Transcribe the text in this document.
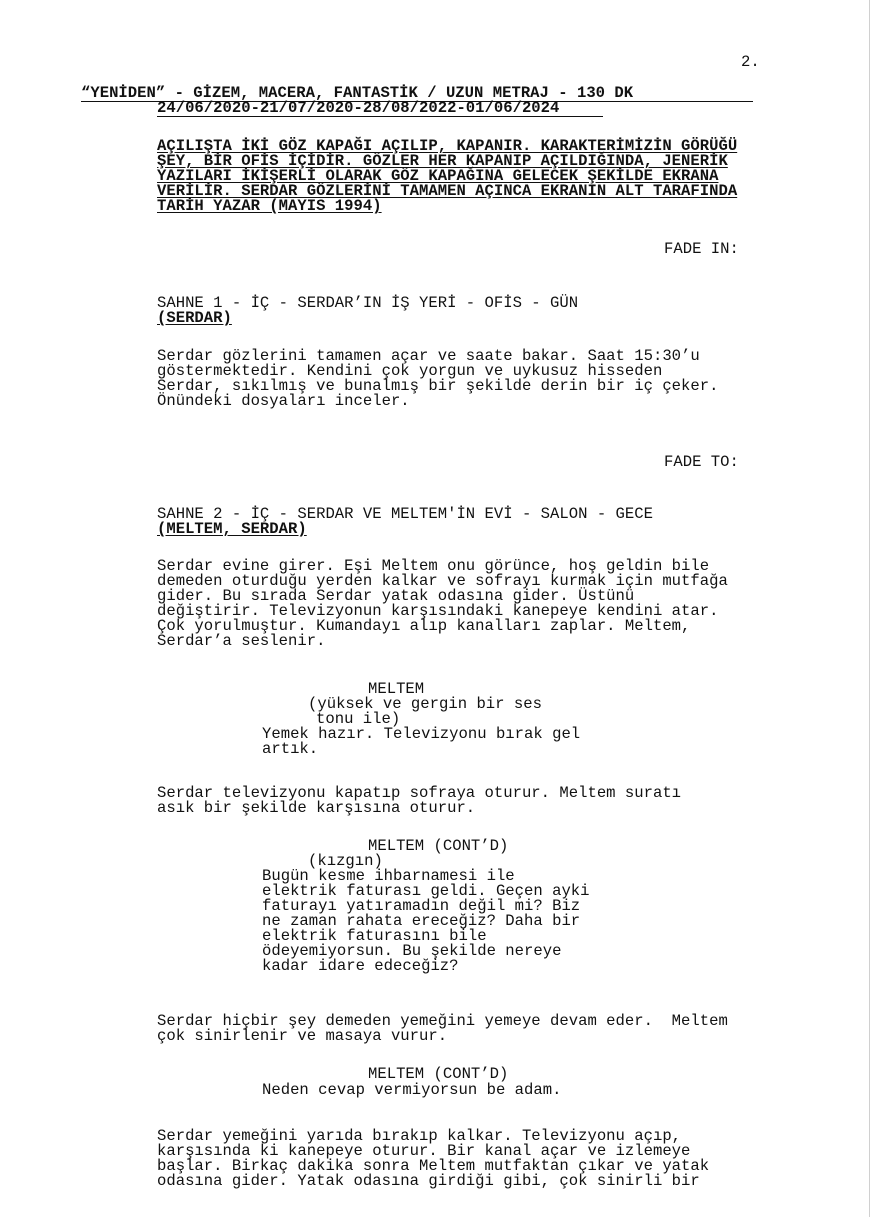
2.
“YENİDEN” - GİZEM, MACERA, FANTASTİK / UZUN METRAJ - 130 DK
24/06/2020-21/07/2020-28/08/2022-01/06/2024
AÇILIŞTA İKİ GÖZ KAPAĞI AÇILIP, KAPANIR. KARAKTERİMİZİN GÖRÜĞÜ
ŞEY, BİR OFİS İÇİDİR. GÖZLER HER KAPANIP AÇILDIĞINDA, JENERİK
YAZILARI İKİŞERLİ OLARAK GÖZ KAPAĞINA GELECEK ŞEKİLDE EKRANA
VERİLİR. SERDAR GÖZLERİNİ TAMAMEN AÇINCA EKRANIN ALT TARAFINDA
TARİH YAZAR (MAYIS 1994)
FADE IN:
SAHNE 1 - İÇ - SERDAR’IN İŞ YERİ - OFİS - GÜN
(SERDAR)
Serdar gözlerini tamamen açar ve saate bakar. Saat 15:30’u
göstermektedir. Kendini çok yorgun ve uykusuz hisseden
Serdar, sıkılmış ve bunalmış bir şekilde derin bir iç çeker.
Önündeki dosyaları inceler.
FADE TO:
SAHNE 2 - İÇ - SERDAR VE MELTEM'İN EVİ - SALON - GECE
(MELTEM, SERDAR)
Serdar evine girer. Eşi Meltem onu görünce, hoş geldin bile
demeden oturduğu yerden kalkar ve sofrayı kurmak için mutfağa
gider. Bu sırada Serdar yatak odasına gider. Üstünü
değiştirir. Televizyonun karşısındaki kanepeye kendini atar.
Çok yorulmuştur. Kumandayı alıp kanalları zaplar. Meltem,
Serdar’a seslenir.
MELTEM
(yüksek ve gergin bir ses
tonu ile)
Yemek hazır. Televizyonu bırak gel
artık.
Serdar televizyonu kapatıp sofraya oturur. Meltem suratı
asık bir şekilde karşısına oturur.
MELTEM (CONT’D)
(kızgın)
Bugün kesme ihbarnamesi ile
elektrik faturası geldi. Geçen ayki
faturayı yatıramadın değil mi? Biz
ne zaman rahata ereceğiz? Daha bir
elektrik faturasını bile
ödeyemiyorsun. Bu şekilde nereye
kadar idare edeceğiz?
Serdar hiçbir şey demeden yemeğini yemeye devam eder.  Meltem
çok sinirlenir ve masaya vurur.
MELTEM (CONT’D)
Neden cevap vermiyorsun be adam.
Serdar yemeğini yarıda bırakıp kalkar. Televizyonu açıp,
karşısında ki kanepeye oturur. Bir kanal açar ve izlemeye
başlar. Birkaç dakika sonra Meltem mutfaktan çıkar ve yatak
odasına gider. Yatak odasına girdiği gibi, çok sinirli bir
